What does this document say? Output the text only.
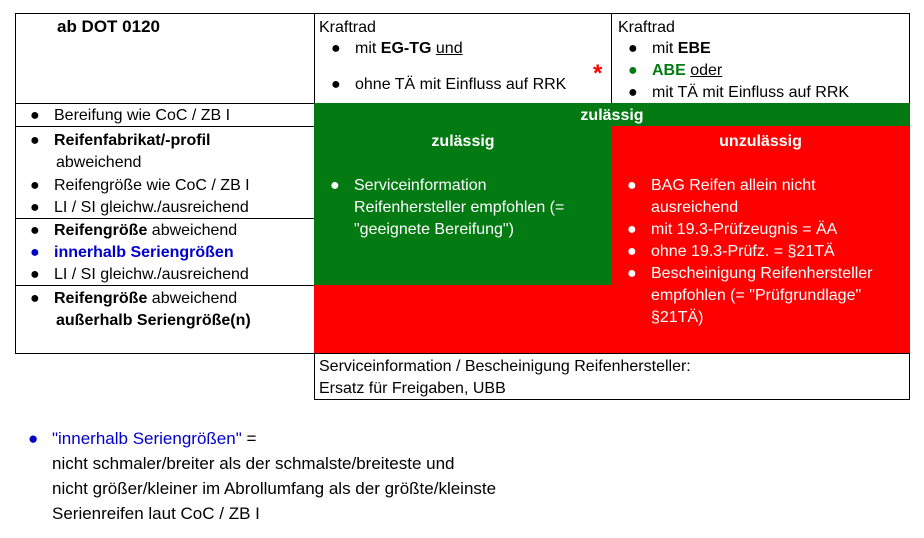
ab DOT 0120	Kraftrad
● mit EG-TG und
● ohne TÄ mit Einfluss auf RRK *
Kraftrad
● mit EBE
● ABE oder
● mit TÄ mit Einfluss auf RRK
● Bereifung wie CoC / ZB I	zulässig
● Reifenfabrikat/-profil
abweichend
● Reifengröße wie CoC / ZB I
● LI / SI gleichw./ausreichend
● Reifengröße abweichend
● innerhalb Seriengrößen
● LI / SI gleichw./ausreichend
● Reifengröße abweichend
außerhalb Seriengröße(n)
zulässig
● Serviceinformation
Reifenhersteller empfohlen (=
"geeignete Bereifung")
unzulässig
● BAG Reifen allein nicht
ausreichend
● mit 19.3-Prüfzeugnis = ÄA
● ohne 19.3-Prüfz. = §21TÄ
● Bescheinigung Reifenhersteller
empfohlen (= "Prüfgrundlage"
§21TÄ)
Serviceinformation / Bescheinigung Reifenhersteller:
Ersatz für Freigaben, UBB
● "innerhalb Seriengrößen" =
nicht schmaler/breiter als der schmalste/breiteste und
nicht größer/kleiner im Abrollumfang als der größte/kleinste
Serienreifen laut CoC / ZB I
